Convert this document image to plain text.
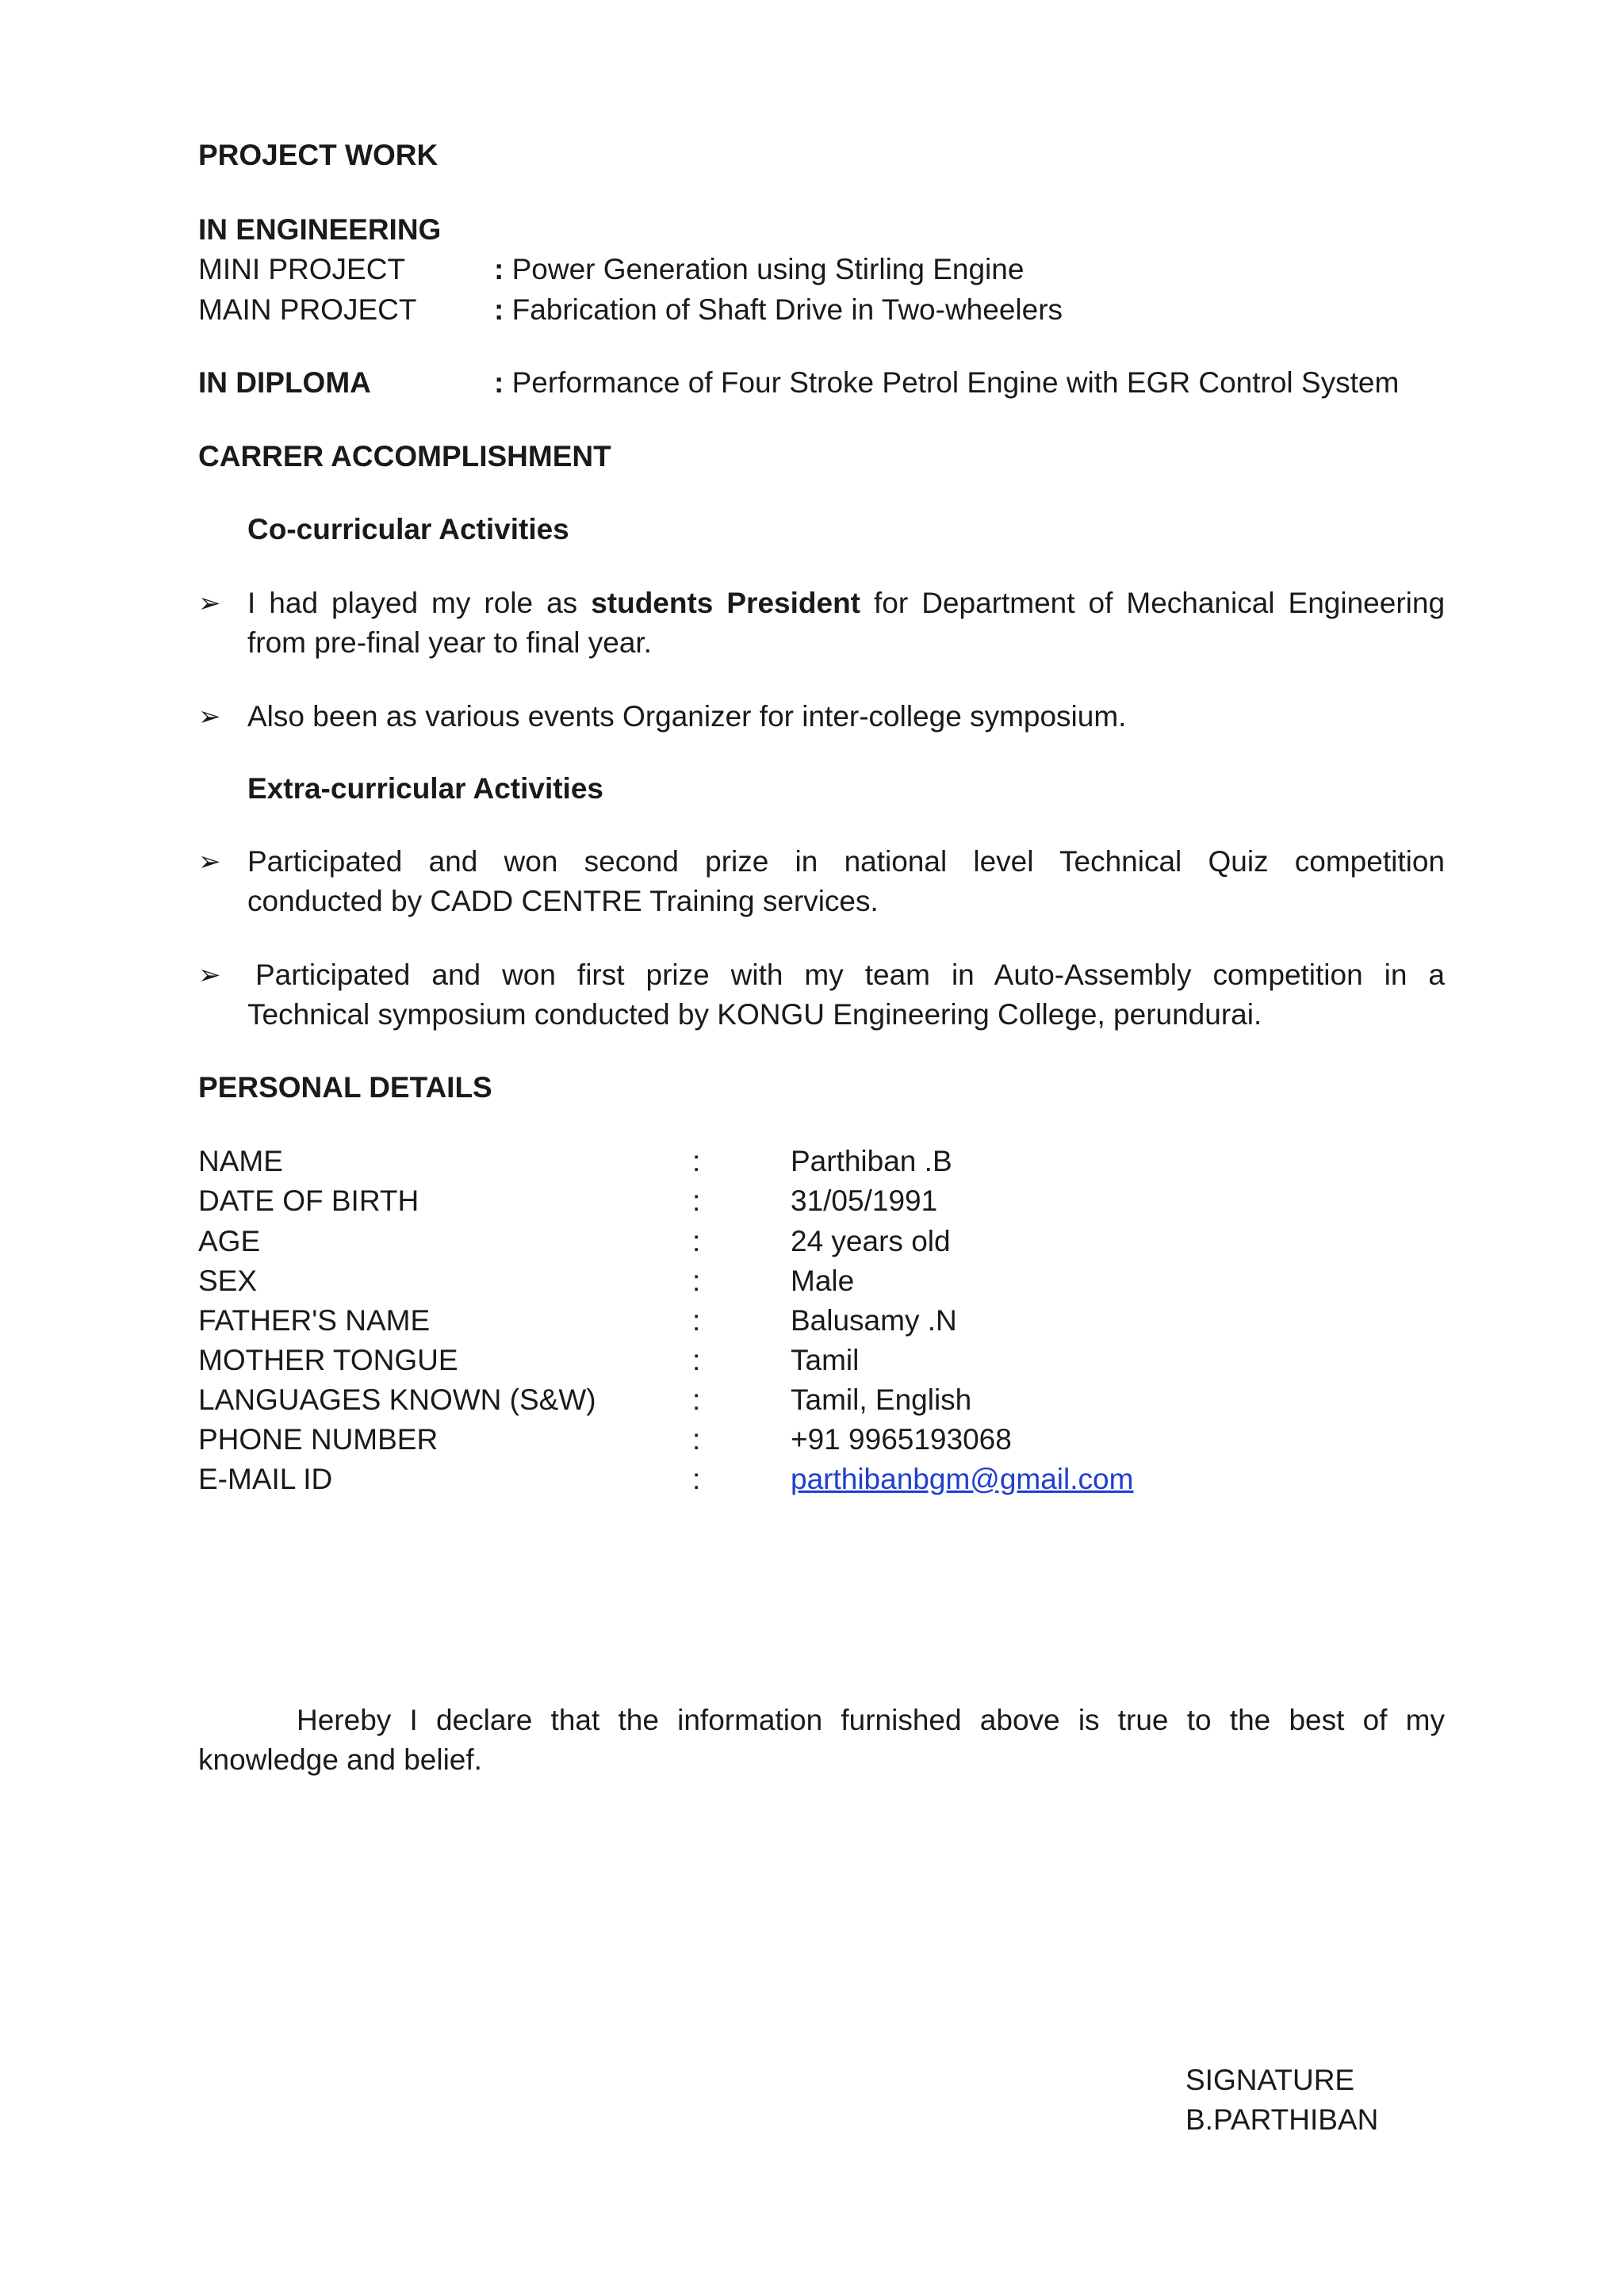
PROJECT WORK
IN ENGINEERING
MINI PROJECT	: Power Generation using Stirling Engine
MAIN PROJECT	: Fabrication of Shaft Drive in Two-wheelers
IN DIPLOMA	: Performance of Four Stroke Petrol Engine with EGR Control System
CARRER ACCOMPLISHMENT
Co-curricular Activities
➢ I had played my role as students President for Department of Mechanical Engineering
from pre-final year to final year.
➢ Also been as various events Organizer for inter-college symposium.
Extra-curricular Activities
➢ Participated and won second prize in national level Technical Quiz competition
conducted by CADD CENTRE Training services.
➢ Participated and won first prize with my team in Auto-Assembly competition in a
Technical symposium conducted by KONGU Engineering College, perundurai.
PERSONAL DETAILS
NAME	:	Parthiban .B
DATE OF BIRTH	:	31/05/1991
AGE	:	24 years old
SEX	:	Male
FATHER'S NAME	:	Balusamy .N
MOTHER TONGUE	:	Tamil
LANGUAGES KNOWN (S&W)	:	Tamil, English
PHONE NUMBER	:	+91 9965193068
E-MAIL ID	:	parthibanbgm@gmail.com
Hereby I declare that the information furnished above is true to the best of my
knowledge and belief.
SIGNATURE
B.PARTHIBAN
